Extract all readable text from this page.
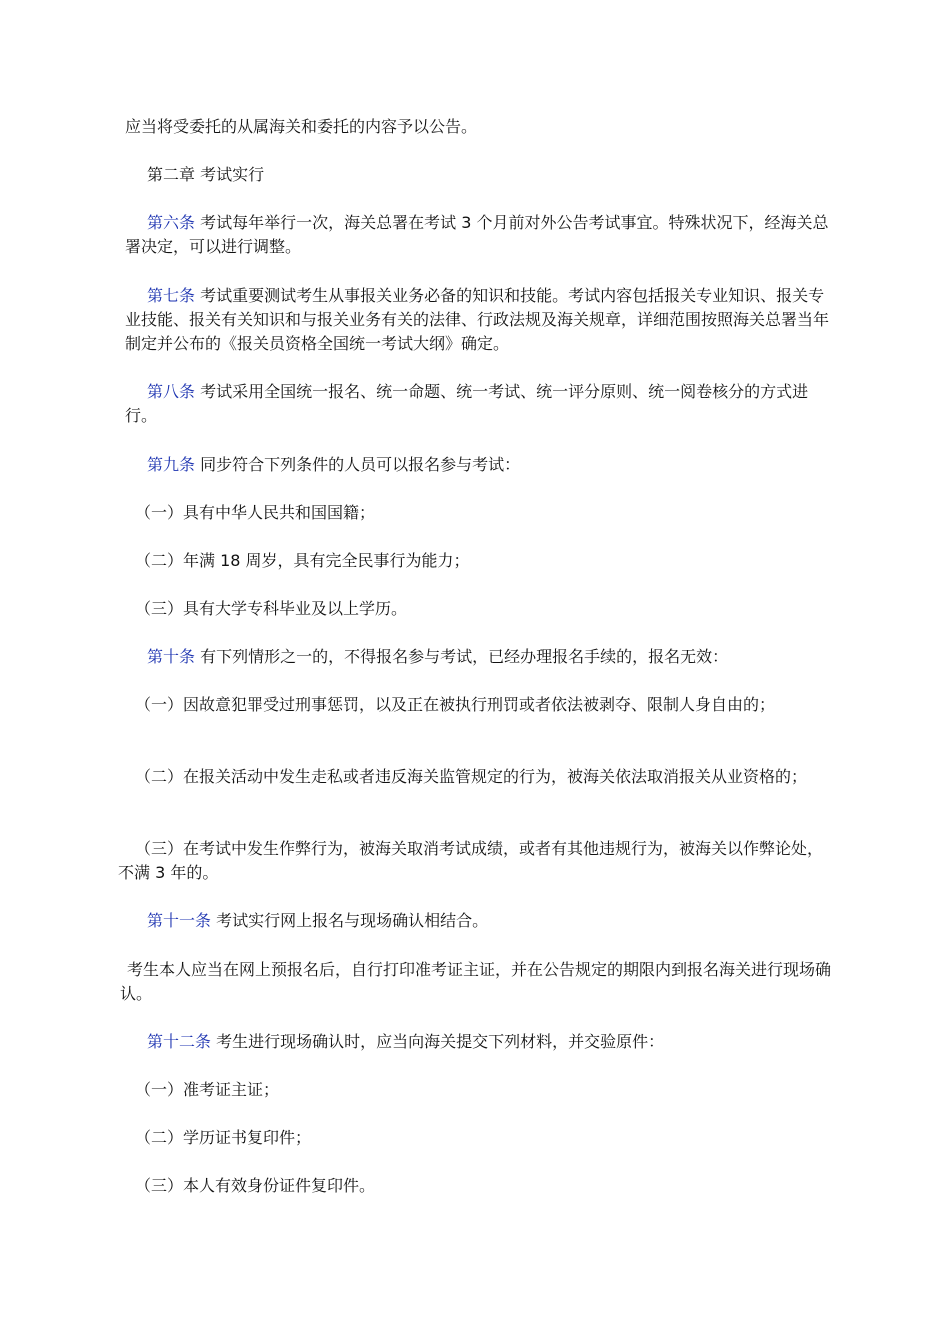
应当将受委托的从属海关和委托的内容予以公告。

第二章 考试实行

第六条 考试每年举行一次，海关总署在考试 3 个月前对外公告考试事宜。特殊状况下，经海关总署决定，可以进行调整。

第七条 考试重要测试考生从事报关业务必备的知识和技能。考试内容包括报关专业知识、报关专业技能、报关有关知识和与报关业务有关的法律、行政法规及海关规章，详细范围按照海关总署当年制定并公布的《报关员资格全国统一考试大纲》确定。

第八条 考试采用全国统一报名、统一命题、统一考试、统一评分原则、统一阅卷核分的方式进行。

第九条 同步符合下列条件的人员可以报名参与考试：

（一）具有中华人民共和国国籍；

（二）年满 18 周岁，具有完全民事行为能力；

（三）具有大学专科毕业及以上学历。

第十条 有下列情形之一的，不得报名参与考试，已经办理报名手续的，报名无效：

（一）因故意犯罪受过刑事惩罚，以及正在被执行刑罚或者依法被剥夺、限制人身自由的；

（二）在报关活动中发生走私或者违反海关监管规定的行为，被海关依法取消报关从业资格的；

（三）在考试中发生作弊行为，被海关取消考试成绩，或者有其他违规行为，被海关以作弊论处，不满 3 年的。

第十一条 考试实行网上报名与现场确认相结合。

考生本人应当在网上预报名后，自行打印准考证主证，并在公告规定的期限内到报名海关进行现场确认。

第十二条 考生进行现场确认时，应当向海关提交下列材料，并交验原件：

（一）准考证主证；

（二）学历证书复印件；

（三）本人有效身份证件复印件。
